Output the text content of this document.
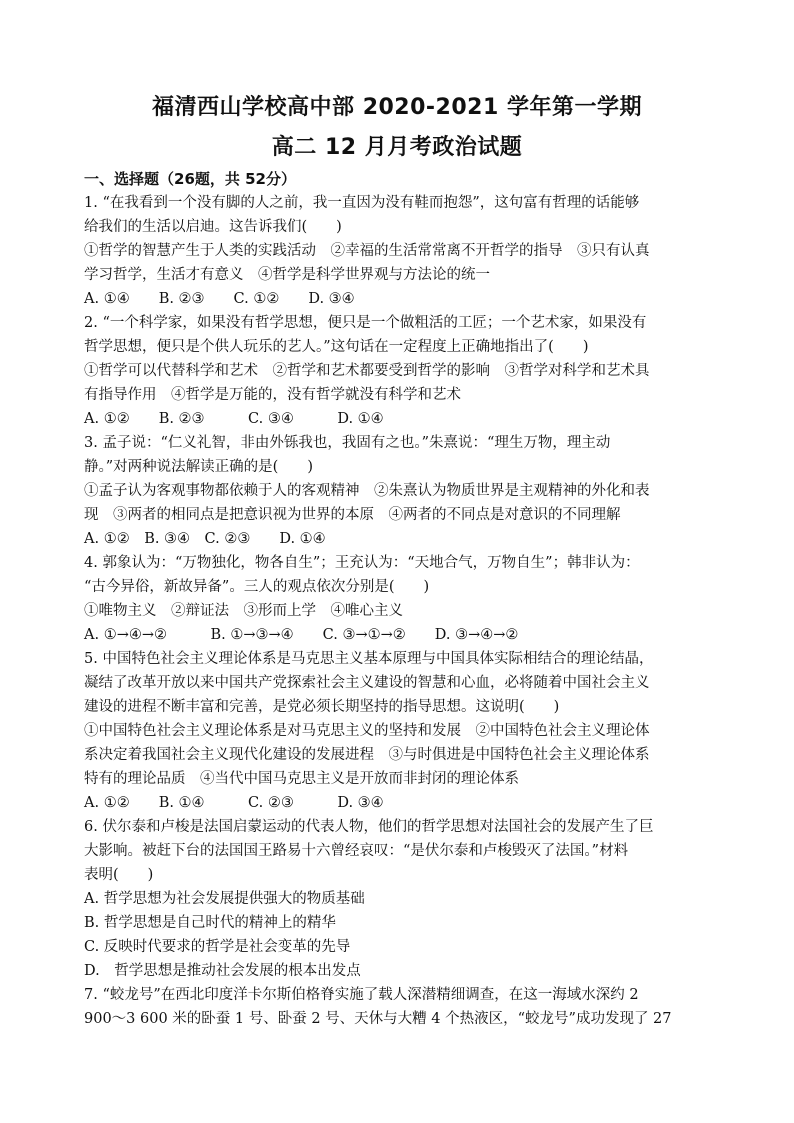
福清西山学校高中部 2020-2021 学年第一学期
高二 12 月月考政治试题
一、选择题（26题，共 52分）
1. “在我看到一个没有脚的人之前，我一直因为没有鞋而抱怨”，这句富有哲理的话能够
给我们的生活以启迪。这告诉我们(　　)
①哲学的智慧产生于人类的实践活动　②幸福的生活常常离不开哲学的指导　③只有认真
学习哲学，生活才有意义　④哲学是科学世界观与方法论的统一
A. ①④　　B. ②③　　C. ①②　　D. ③④
2. “一个科学家，如果没有哲学思想，便只是一个做粗活的工匠；一个艺术家，如果没有
哲学思想，便只是个供人玩乐的艺人。”这句话在一定程度上正确地指出了(　　)
①哲学可以代替科学和艺术　②哲学和艺术都要受到哲学的影响　③哲学对科学和艺术具
有指导作用　④哲学是万能的，没有哲学就没有科学和艺术
A. ①②　　B. ②③　　　C. ③④　　　D. ①④
3. 孟子说：“仁义礼智，非由外铄我也，我固有之也。”朱熹说：“理生万物，理主动
静。”对两种说法解读正确的是(　　)
①孟子认为客观事物都依赖于人的客观精神　②朱熹认为物质世界是主观精神的外化和表
现　③两者的相同点是把意识视为世界的本原　④两者的不同点是对意识的不同理解
A. ①②　B. ③④　C. ②③　　D. ①④
4. 郭象认为：“万物独化，物各自生”；王充认为：“天地合气，万物自生”；韩非认为：
“古今异俗，新故异备”。三人的观点依次分别是(　　)
①唯物主义　②辩证法　③形而上学　④唯心主义
A. ①→④→②　　　B. ①→③→④　　C. ③→①→②　　D. ③→④→②
5. 中国特色社会主义理论体系是马克思主义基本原理与中国具体实际相结合的理论结晶，
凝结了改革开放以来中国共产党探索社会主义建设的智慧和心血，必将随着中国社会主义
建设的进程不断丰富和完善，是党必须长期坚持的指导思想。这说明(　　)
①中国特色社会主义理论体系是对马克思主义的坚持和发展　②中国特色社会主义理论体
系决定着我国社会主义现代化建设的发展进程　③与时俱进是中国特色社会主义理论体系
特有的理论品质　④当代中国马克思主义是开放而非封闭的理论体系
A. ①②　　B. ①④　　　C. ②③　　　D. ③④
6. 伏尔泰和卢梭是法国启蒙运动的代表人物，他们的哲学思想对法国社会的发展产生了巨
大影响。被赶下台的法国国王路易十六曾经哀叹：“是伏尔泰和卢梭毁灭了法国。”材料
表明(　　)
A. 哲学思想为社会发展提供强大的物质基础
B. 哲学思想是自己时代的精神上的精华
C. 反映时代要求的哲学是社会变革的先导
D.　哲学思想是推动社会发展的根本出发点
7. “蛟龙号”在西北印度洋卡尔斯伯格脊实施了载人深潜精细调查，在这一海域水深约 2
900～3 600 米的卧蚕 1 号、卧蚕 2 号、天休与大糟 4 个热液区，“蛟龙号”成功发现了 27
